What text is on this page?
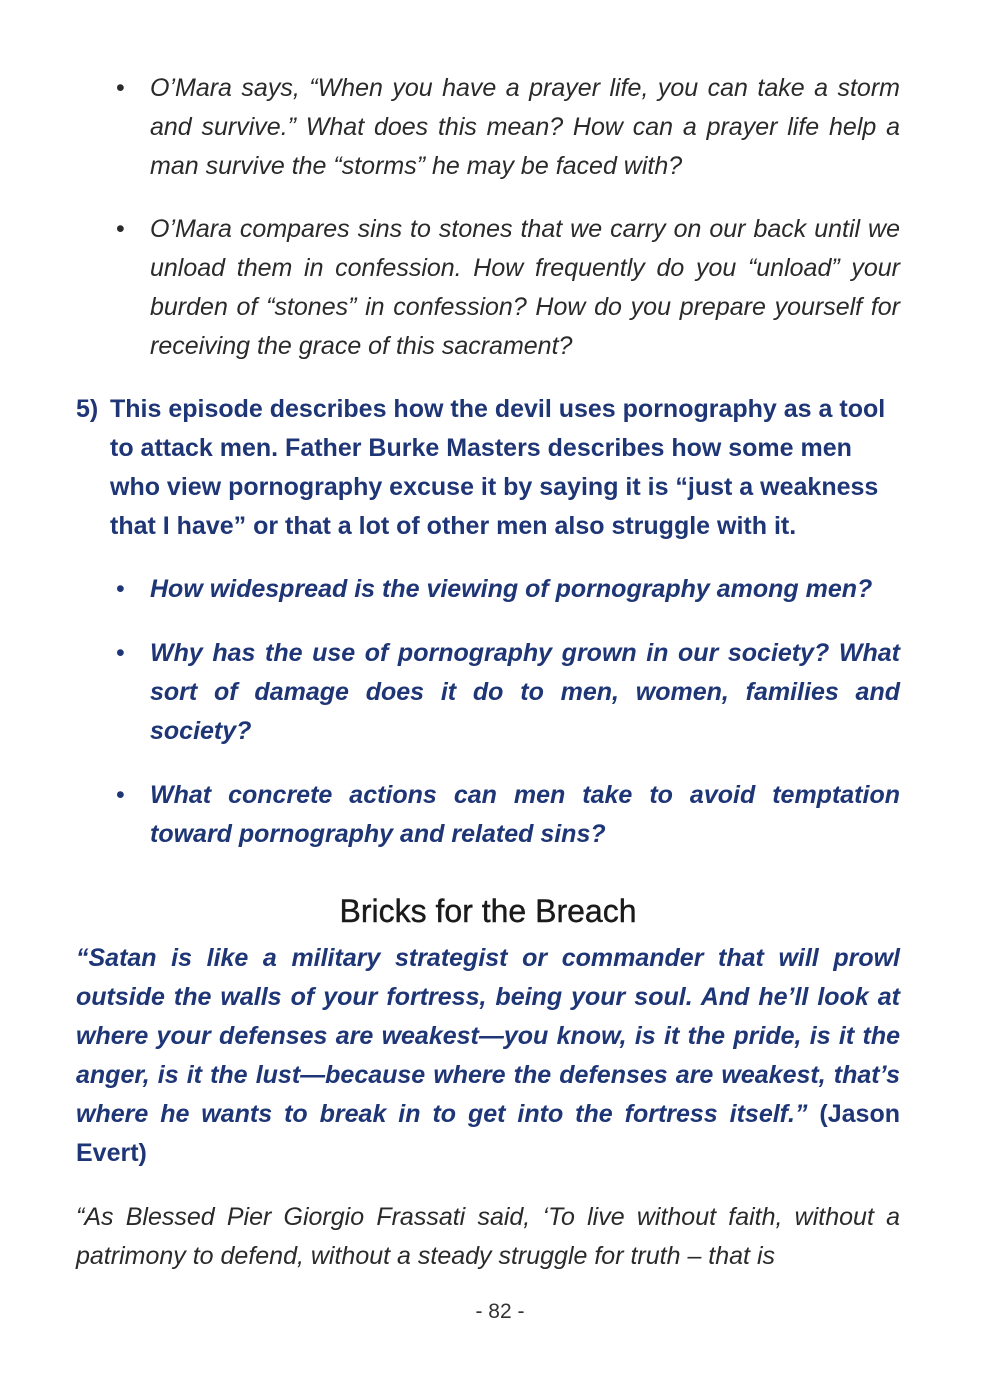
• O’Mara says, “When you have a prayer life, you can take a storm and survive.” What does this mean? How can a prayer life help a man survive the “storms” he may be faced with?
• O’Mara compares sins to stones that we carry on our back until we unload them in confession. How frequently do you “unload” your burden of “stones” in confession? How do you prepare yourself for receiving the grace of this sacrament?
5) This episode describes how the devil uses pornography as a tool to attack men. Father Burke Masters describes how some men who view pornography excuse it by saying it is “just a weakness that I have” or that a lot of other men also struggle with it.
• How widespread is the viewing of pornography among men?
• Why has the use of pornography grown in our society? What sort of damage does it do to men, women, families and society?
• What concrete actions can men take to avoid temptation toward pornography and related sins?
Bricks for the Breach
“Satan is like a military strategist or commander that will prowl outside the walls of your fortress, being your soul. And he’ll look at where your defenses are weakest—you know, is it the pride, is it the anger, is it the lust—because where the defenses are weakest, that’s where he wants to break in to get into the fortress itself.” (Jason Evert)
“As Blessed Pier Giorgio Frassati said, ‘To live without faith, without a patrimony to defend, without a steady struggle for truth – that is
- 82 -
